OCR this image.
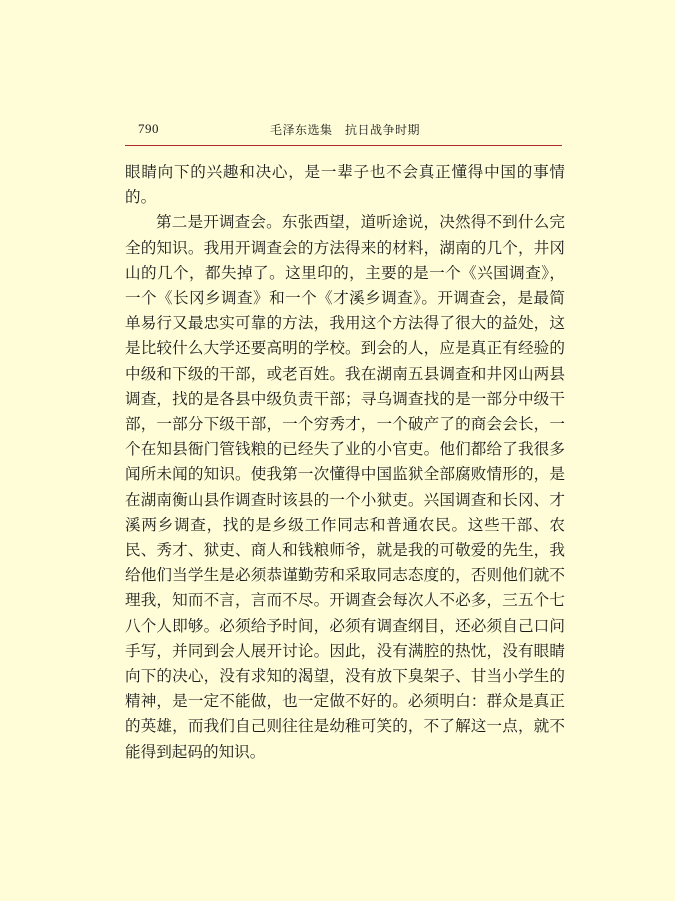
790	毛泽东选集　抗日战争时期

眼睛向下的兴趣和决心，是一辈子也不会真正懂得中国的事情的。

第二是开调查会。东张西望，道听途说，决然得不到什么完全的知识。我用开调查会的方法得来的材料，湖南的几个，井冈山的几个，都失掉了。这里印的，主要的是一个《兴国调查》，一个《长冈乡调查》和一个《才溪乡调查》。开调查会，是最简单易行又最忠实可靠的方法，我用这个方法得了很大的益处，这是比较什么大学还要高明的学校。到会的人，应是真正有经验的中级和下级的干部，或老百姓。我在湖南五县调查和井冈山两县调查，找的是各县中级负责干部；寻乌调查找的是一部分中级干部，一部分下级干部，一个穷秀才，一个破产了的商会会长，一个在知县衙门管钱粮的已经失了业的小官吏。他们都给了我很多闻所未闻的知识。使我第一次懂得中国监狱全部腐败情形的，是在湖南衡山县作调查时该县的一个小狱吏。兴国调查和长冈、才溪两乡调查，找的是乡级工作同志和普通农民。这些干部、农民、秀才、狱吏、商人和钱粮师爷，就是我的可敬爱的先生，我给他们当学生是必须恭谨勤劳和采取同志态度的，否则他们就不理我，知而不言，言而不尽。开调查会每次人不必多，三五个七八个人即够。必须给予时间，必须有调查纲目，还必须自己口问手写，并同到会人展开讨论。因此，没有满腔的热忱，没有眼睛向下的决心，没有求知的渴望，没有放下臭架子、甘当小学生的精神，是一定不能做，也一定做不好的。必须明白：群众是真正的英雄，而我们自己则往往是幼稚可笑的，不了解这一点，就不能得到起码的知识。
